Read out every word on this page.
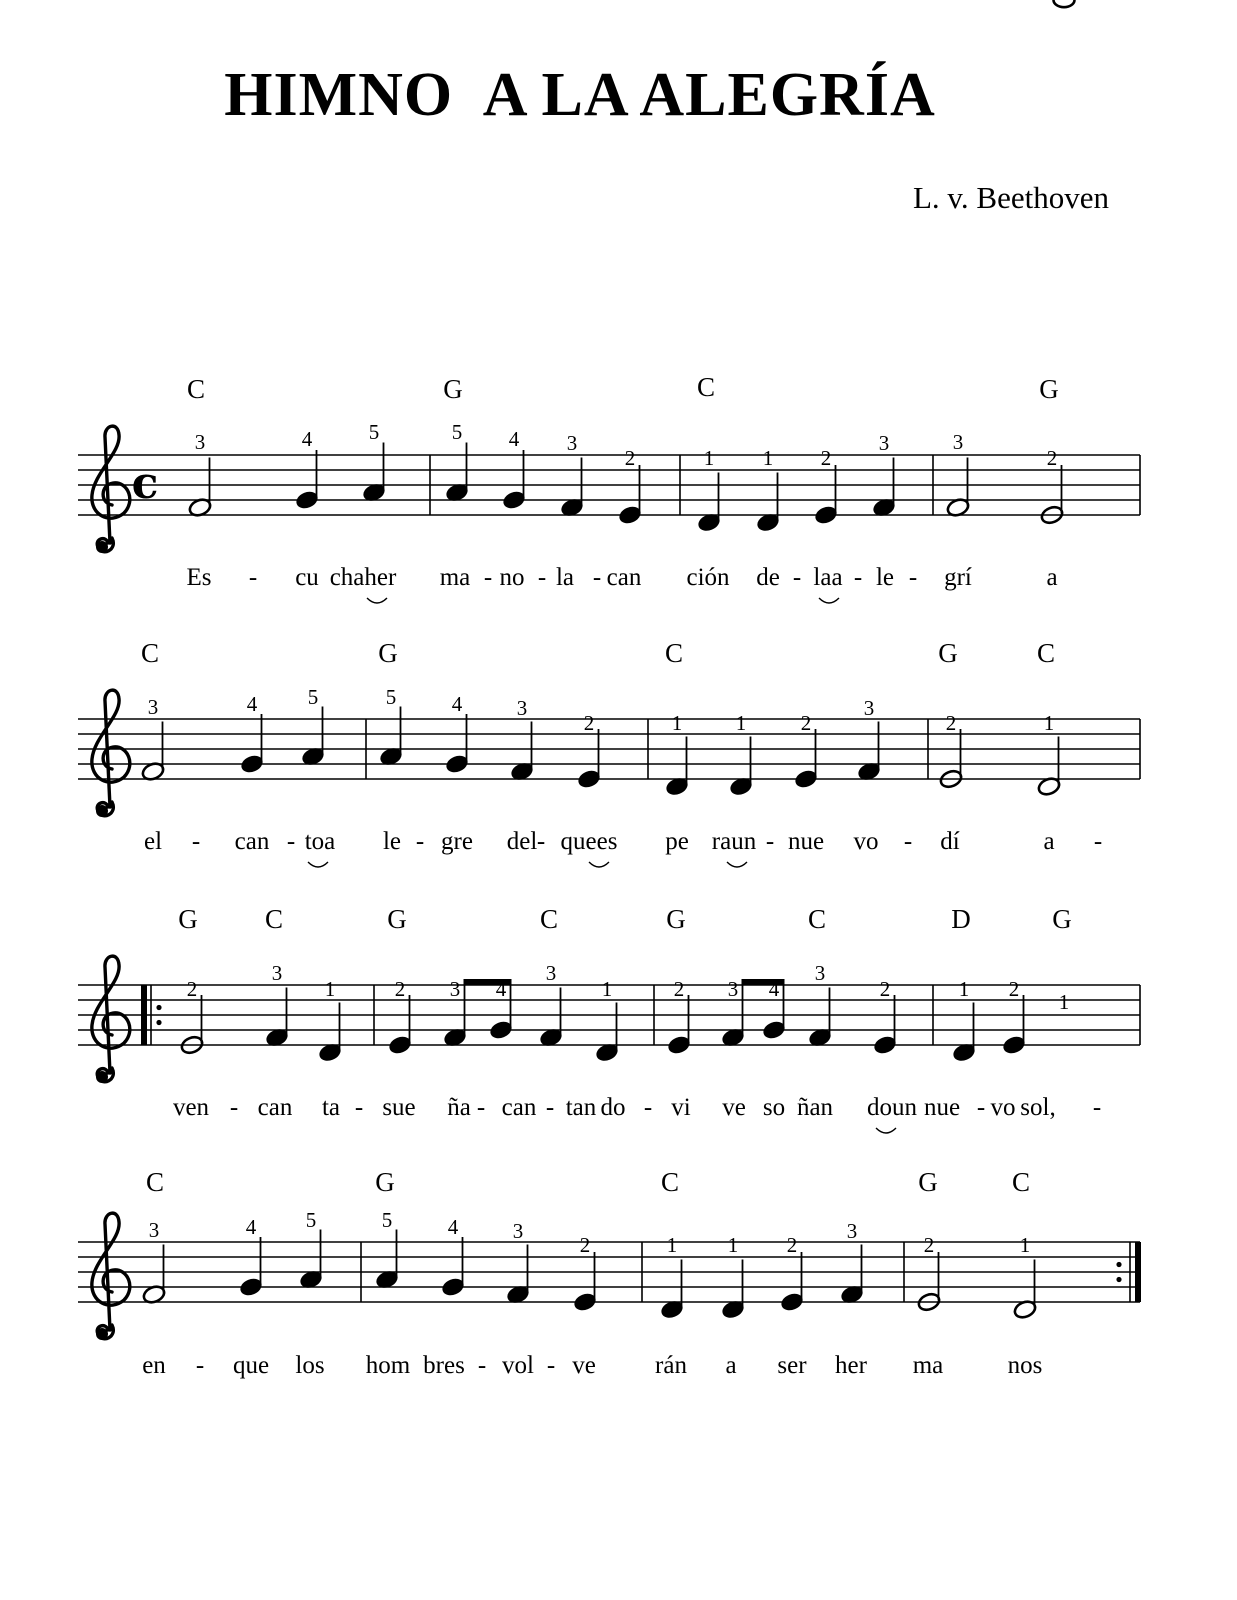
HIMNO  A LA ALEGRÍA
L. v. Beethoven
c
C	G	C	G
3	4	5	5 4 3
2	1 1 2
3	3
2
Es - cu chaher ma - no - la - can ción de - laa - le - grí	a
C	G	C	G	C
3	4 5	5	4	3
2	1	1	2
3
2	1
el - can - toa le - gre del - quees pe raun - nue vo - dí	a -
G C	G	C	G	C	D	G
2
3
1	2 3 4
3
1	2 3 4
3
2	1 2
1
ven - can ta - sue ña - can - tan do - vi ve so ñan doun nue - vo sol, -
C	G	C	G	C
3	4 5	5	4	3
2	1 1 2
3
2	1
en - que los hom bres - vol - ve rán a ser her ma	nos
